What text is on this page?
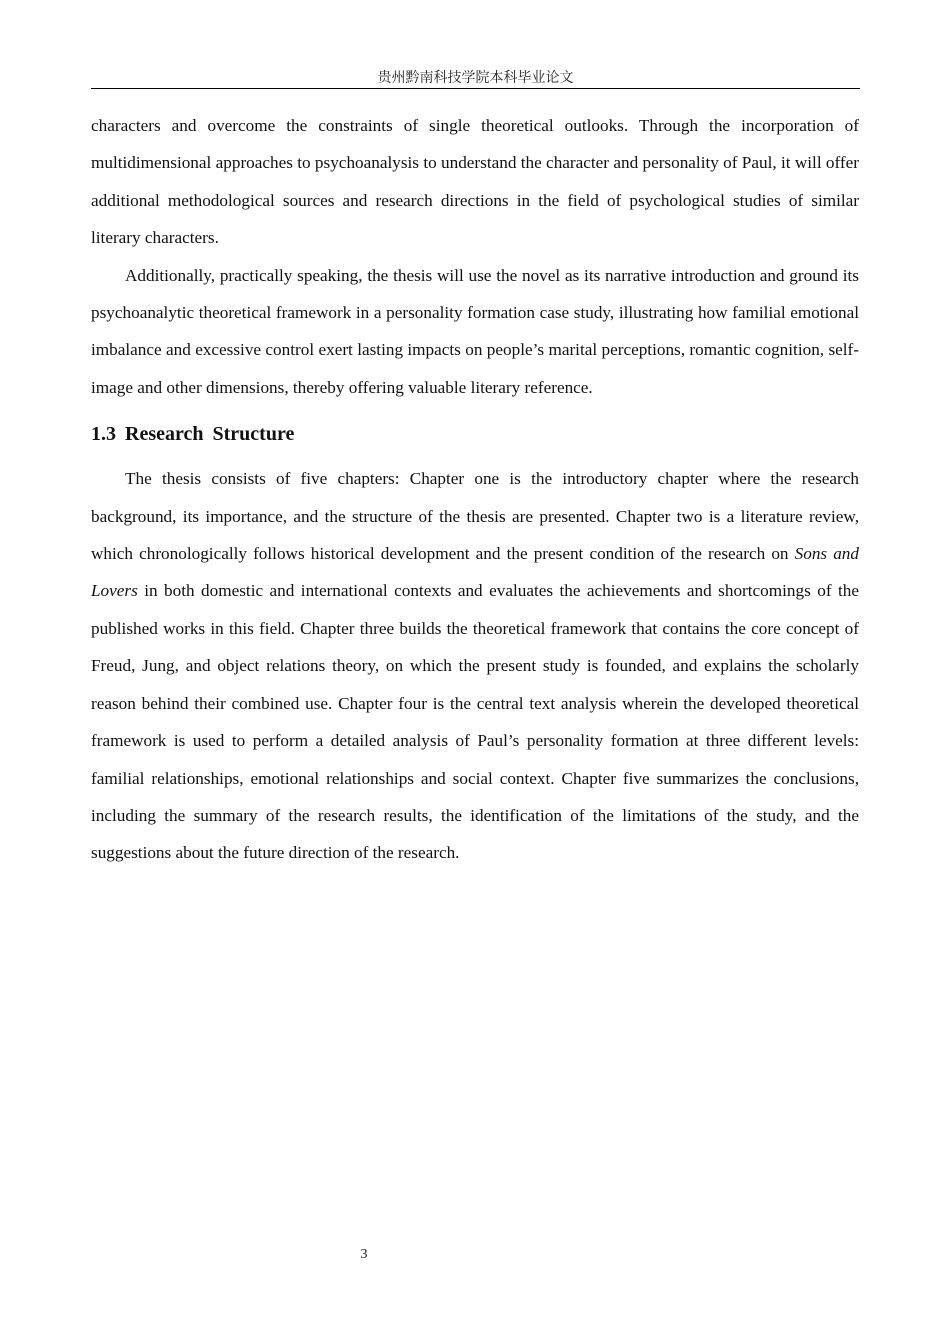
贵州黔南科技学院本科毕业论文

characters and overcome the constraints of single theoretical outlooks. Through the incorporation of multidimensional approaches to psychoanalysis to understand the character and personality of Paul, it will offer additional methodological sources and research directions in the field of psychological studies of similar literary characters.

Additionally, practically speaking, the thesis will use the novel as its narrative introduction and ground its psychoanalytic theoretical framework in a personality formation case study, illustrating how familial emotional imbalance and excessive control exert lasting impacts on people’s marital perceptions, romantic cognition, self-image and other dimensions, thereby offering valuable literary reference.

1.3 Research Structure

The thesis consists of five chapters: Chapter one is the introductory chapter where the research background, its importance, and the structure of the thesis are presented. Chapter two is a literature review, which chronologically follows historical development and the present condition of the research on Sons and Lovers in both domestic and international contexts and evaluates the achievements and shortcomings of the published works in this field. Chapter three builds the theoretical framework that contains the core concept of Freud, Jung, and object relations theory, on which the present study is founded, and explains the scholarly reason behind their combined use. Chapter four is the central text analysis wherein the developed theoretical framework is used to perform a detailed analysis of Paul’s personality formation at three different levels: familial relationships, emotional relationships and social context. Chapter five summarizes the conclusions, including the summary of the research results, the identification of the limitations of the study, and the suggestions about the future direction of the research.

3
